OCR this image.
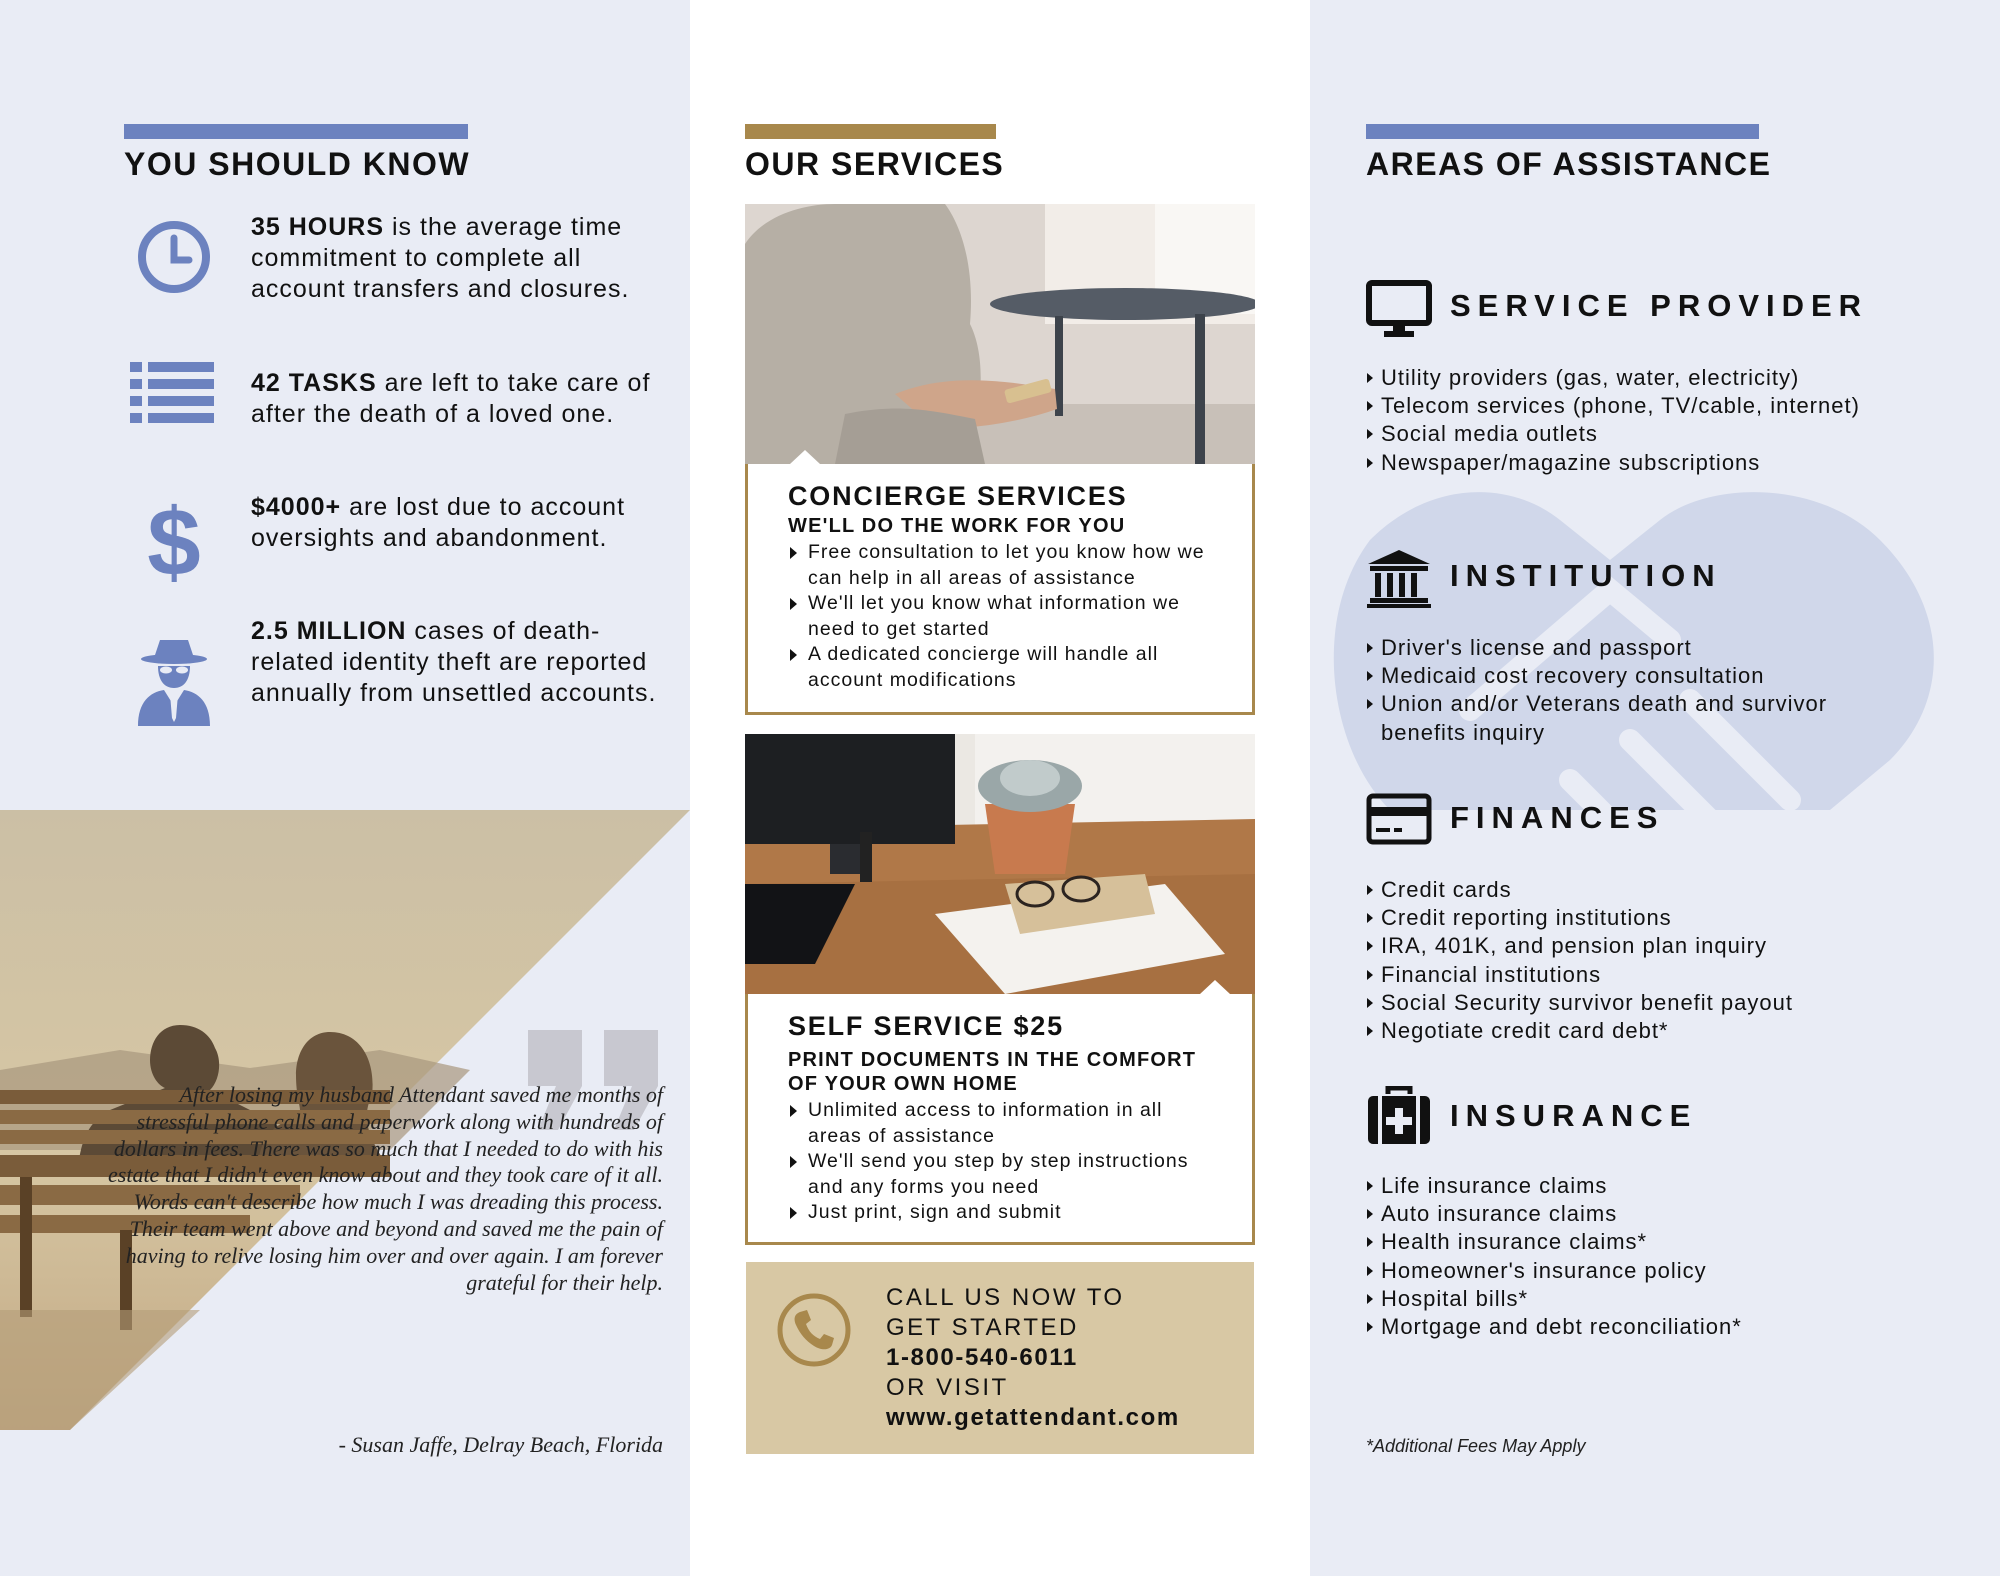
YOU SHOULD KNOW
35 HOURS is the average time commitment to complete all account transfers and closures.
42 TASKS are left to take care of after the death of a loved one.
$ $4000+ are lost due to account oversights and abandonment.
2.5 MILLION cases of death-related identity theft are reported annually from unsettled accounts.
After losing my husband Attendant saved me months of stressful phone calls and paperwork along with hundreds of dollars in fees. There was so much that I needed to do with his estate that I didn't even know about and they took care of it all. Words can't describe how much I was dreading this process. Their team went above and beyond and saved me the pain of having to relive losing him over and over again. I am forever grateful for their help.
- Susan Jaffe, Delray Beach, Florida
OUR SERVICES
CONCIERGE SERVICES
WE'LL DO THE WORK FOR YOU
Free consultation to let you know how we can help in all areas of assistance
We'll let you know what information we need to get started
A dedicated concierge will handle all account modifications
SELF SERVICE $25
PRINT DOCUMENTS IN THE COMFORT OF YOUR OWN HOME
Unlimited access to information in all areas of assistance
We'll send you step by step instructions and any forms you need
Just print, sign and submit
CALL US NOW TO
GET STARTED
1-800-540-6011
OR VISIT
www.getattendant.com
AREAS OF ASSISTANCE
SERVICE PROVIDER
Utility providers (gas, water, electricity)
Telecom services (phone, TV/cable, internet)
Social media outlets
Newspaper/magazine subscriptions
INSTITUTION
Driver's license and passport
Medicaid cost recovery consultation
Union and/or Veterans death and survivor benefits inquiry
FINANCES
Credit cards
Credit reporting institutions
IRA, 401K, and pension plan inquiry
Financial institutions
Social Security survivor benefit payout
Negotiate credit card debt*
INSURANCE
Life insurance claims
Auto insurance claims
Health insurance claims*
Homeowner's insurance policy
Hospital bills*
Mortgage and debt reconciliation*
*Additional Fees May Apply
